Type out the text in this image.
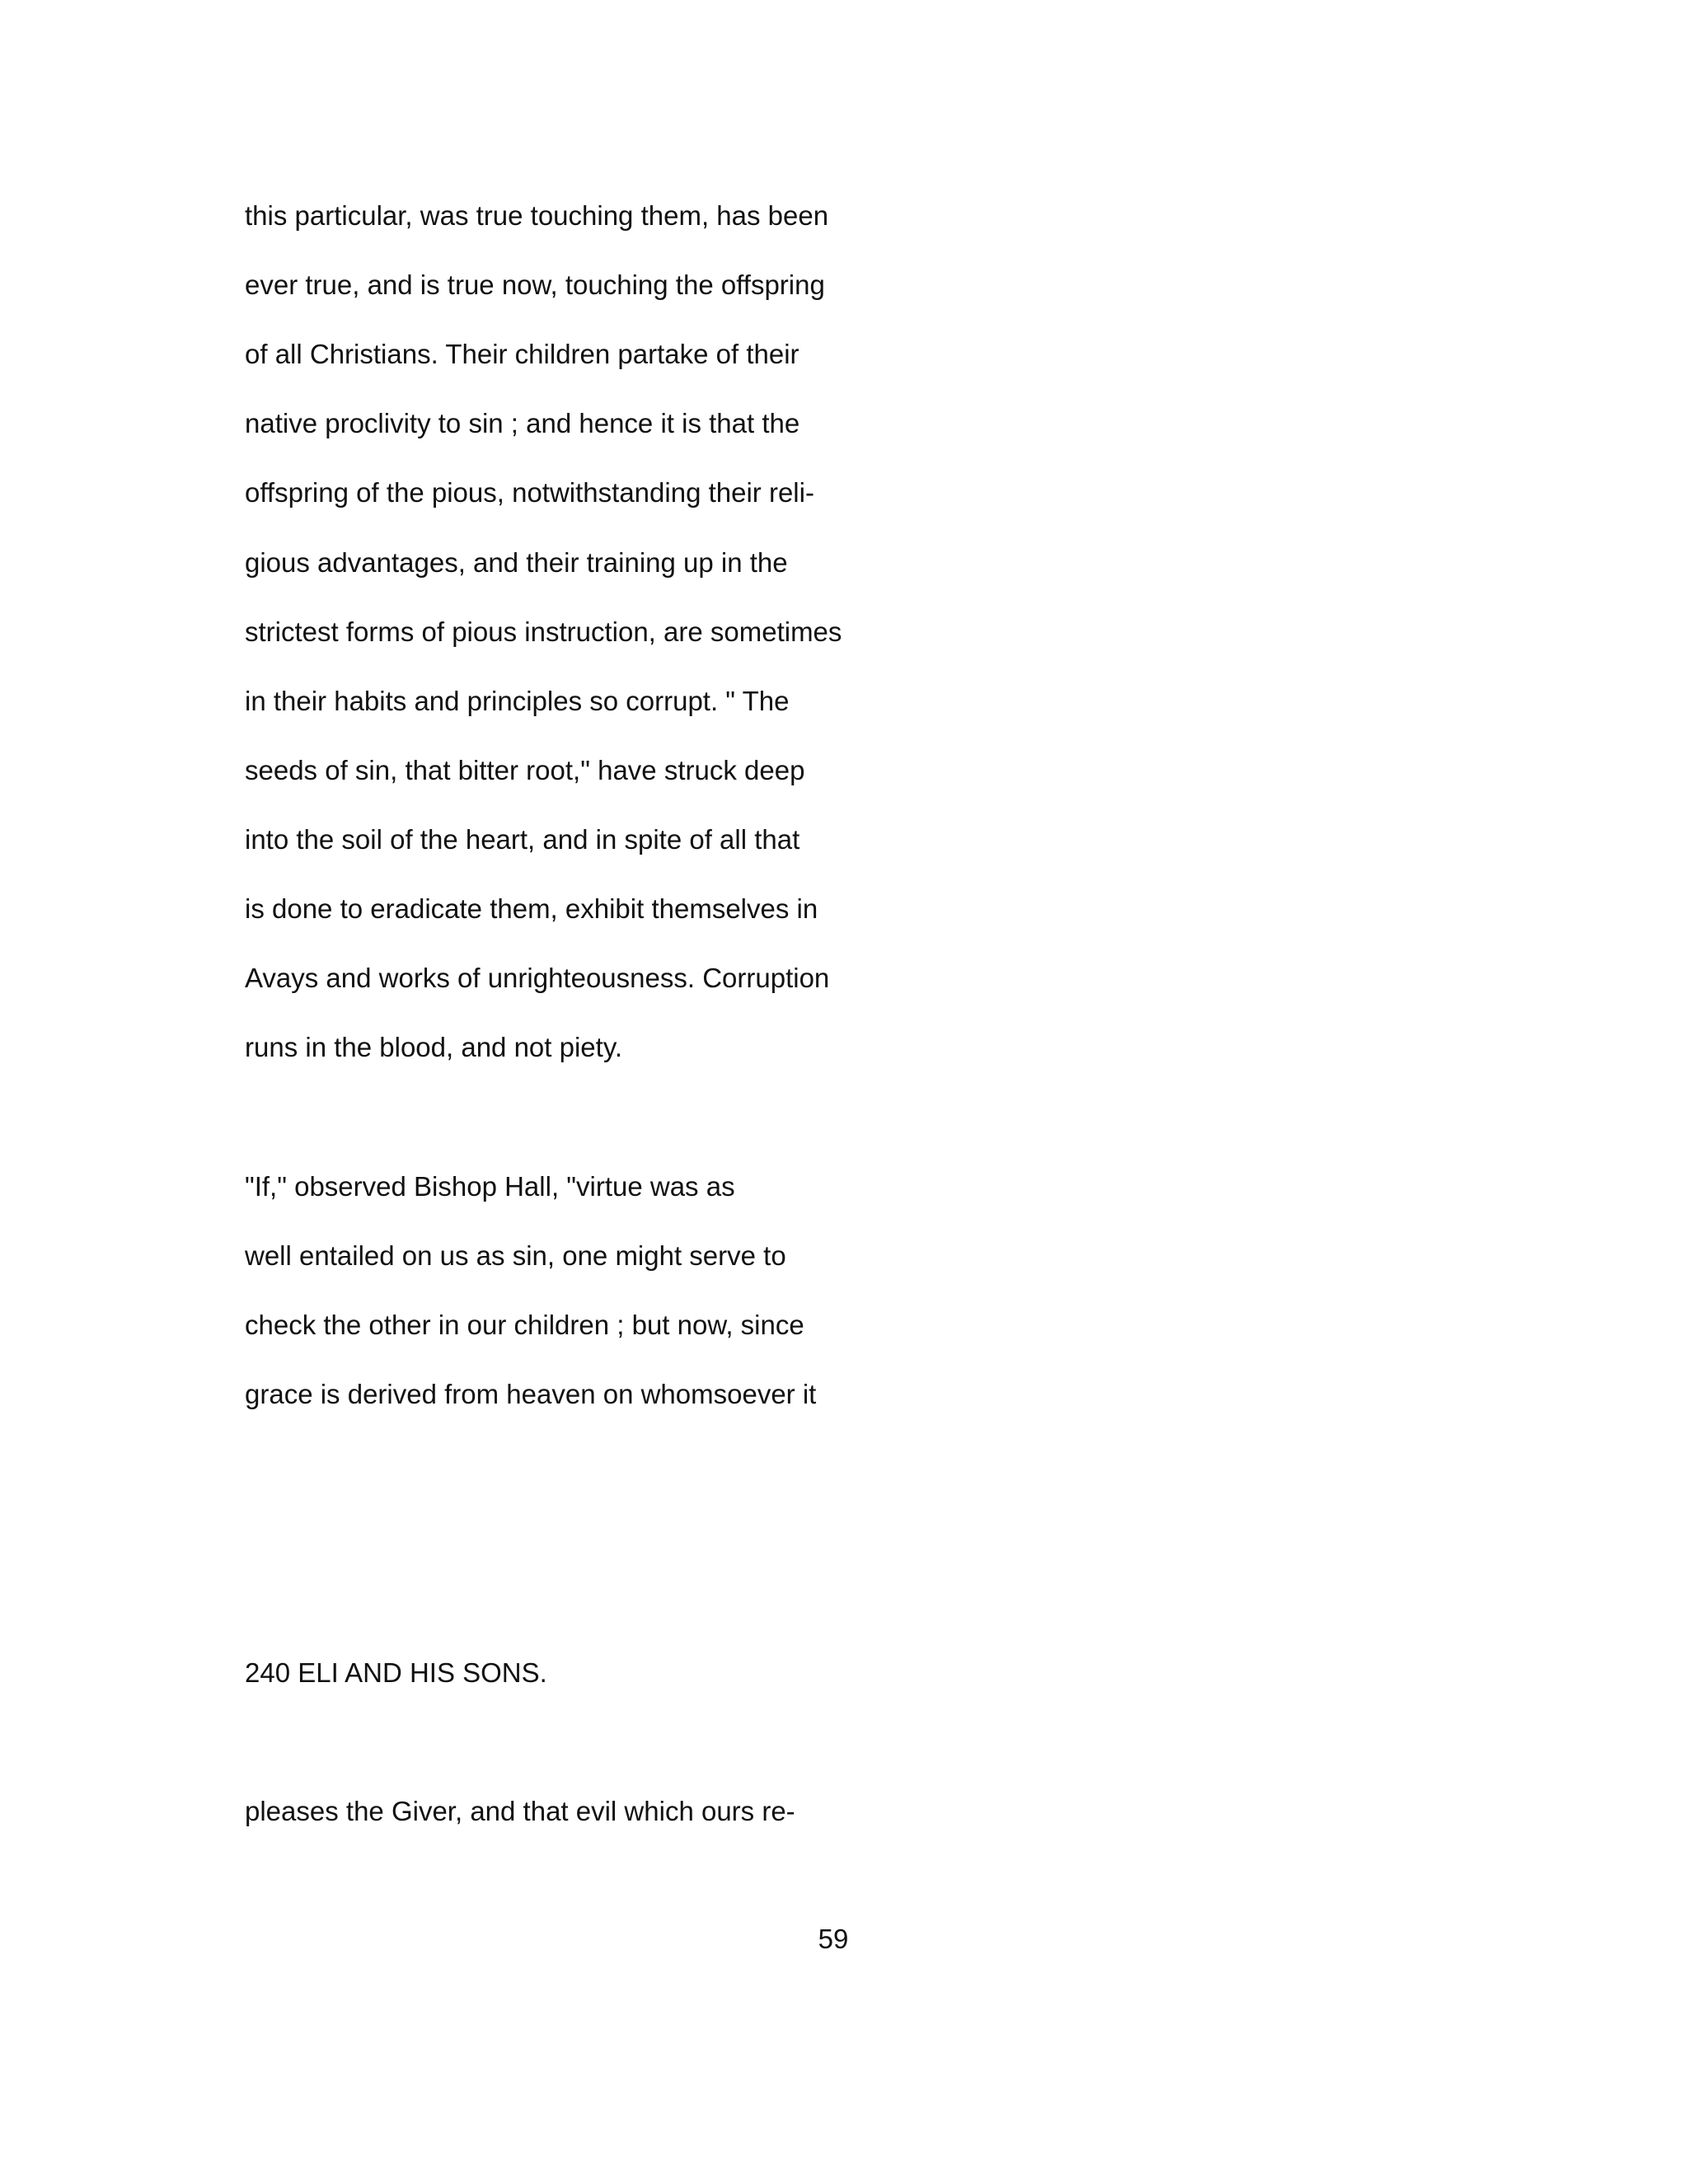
this particular, was true touching them, has been
ever true, and is true now, touching the offspring
of all Christians. Their children partake of their
native proclivity to sin ; and hence it is that the
offspring of the pious, notwithstanding their reli-
gious advantages, and their training up in the
strictest forms of pious instruction, are sometimes
in their habits and principles so corrupt. " The
seeds of sin, that bitter root," have struck deep
into the soil of the heart, and in spite of all that
is done to eradicate them, exhibit themselves in
Avays and works of unrighteousness. Corruption
runs in the blood, and not piety.
"If," observed Bishop Hall, "virtue was as
well entailed on us as sin, one might serve to
check the other in our children ; but now, since
grace is derived from heaven on whomsoever it
240 ELI AND HIS SONS.
pleases the Giver, and that evil which ours re-
59
